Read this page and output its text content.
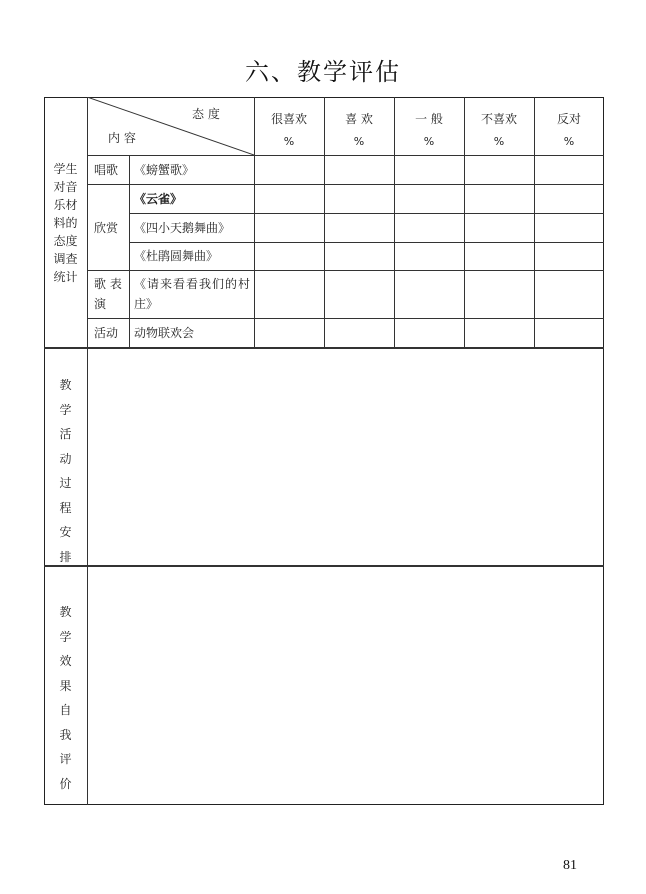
六、教学评估
态 度
内 容
很喜欢
%
喜 欢
%
一 般
%
不喜欢
%
反对
%
学生
对音
乐材
料的
态度
调查
统计
唱歌
欣赏
歌 表
演
活动
《螃蟹歌》
《云雀》
《四小天鹅舞曲》
《杜鹃圆舞曲》
《请来看看我们的村
庄》
动物联欢会
教
学
活
动
过
程
安
排
教
学
效
果
自
我
评
价
81
